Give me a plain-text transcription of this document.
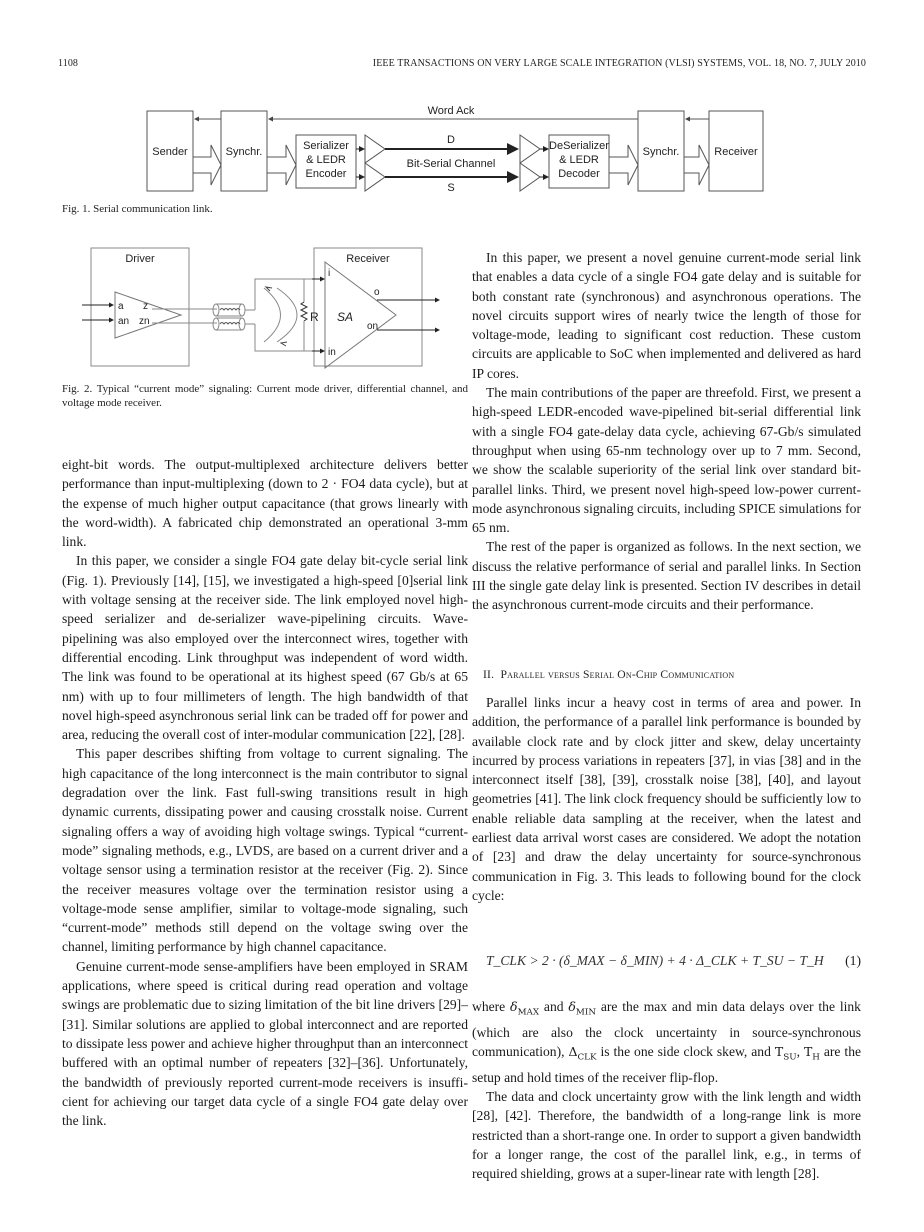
1108	IEEE TRANSACTIONS ON VERY LARGE SCALE INTEGRATION (VLSI) SYSTEMS, VOL. 18, NO. 7, JULY 2010
Sender	Synchr.	Serializer
& LEDR
Encoder
DeSerializer
& LEDR
Decoder
Synchr.	Receiver
Word Ack
D
Bit-Serial Channel
S
Fig. 1. Serial communication link.
Driver	Receiver
a
an
z
zn	R SA
i
in
o
on
Fig. 2. Typical “current mode” signaling: Current mode driver, differential channel, and voltage mode receiver.

eight-bit words. The output-multiplexed architecture delivers better performance than input-multiplexing (down to 2 · FO4 data cycle), but at the expense of much higher output capacitance (that grows linearly with the word-width). A fabricated chip demonstrated an operational 3-mm link.

In this paper, we consider a single FO4 gate delay bit-cycle serial link (Fig. 1). Previously [14], [15], we investigated a high-speed [0]serial link with voltage sensing at the receiver side. The link employed novel high-speed serializer and de-serializer wave-pipelining circuits. Wave-pipelining was also employed over the interconnect wires, together with differential encoding. Link throughput was independent of word width. The link was found to be operational at its highest speed (67 Gb/s at 65 nm) with up to four millimeters of length. The high bandwidth of that novel high-speed asynchronous serial link can be traded off for power and area, reducing the overall cost of inter-modular communication [22], [28].

This paper describes shifting from voltage to current signaling. The high capacitance of the long interconnect is the main contributor to signal degradation over the link. Fast full-swing transitions result in high dynamic currents, dissipating power and causing crosstalk noise. Current signaling offers a way of avoiding high voltage swings. Typical “current-mode” signaling methods, e.g., LVDS, are based on a current driver and a voltage sensor using a termination resistor at the receiver (Fig. 2). Since the receiver measures voltage over the termination resistor using a voltage-mode sense amplifier, similar to voltage-mode signaling, such “current-mode” methods still depend on the voltage swing over the channel, limiting performance by high channel capacitance.

Genuine current-mode sense-amplifiers have been employed in SRAM applications, where speed is critical during read operation and voltage swings are problematic due to sizing limitation of the bit line drivers [29]–[31]. Similar solutions are applied to global interconnect and are reported to dissipate less power and achieve higher throughput than an interconnect buffered with an optimal number of repeaters [32]–[36]. Unfortunately, the bandwidth of previously reported current-mode receivers is insufficient for achieving our target data cycle of a single FO4 gate delay over the link.

In this paper, we present a novel genuine current-mode serial link that enables a data cycle of a single FO4 gate delay and is suitable for both constant rate (synchronous) and asynchronous operations. The novel circuits support wires of nearly twice the length of those for voltage-mode, leading to significant cost reduction. These custom circuits are applicable to SoC when implemented and delivered as hard IP cores.

The main contributions of the paper are threefold. First, we present a high-speed LEDR-encoded wave-pipelined bit-serial differential link with a single FO4 gate-delay data cycle, achieving 67-Gb/s simulated throughput when using 65-nm technology over up to 7 mm. Second, we show the scalable superiority of the serial link over standard bit-parallel links. Third, we present novel high-speed low-power current-mode asynchronous signaling circuits, including SPICE simulations for 65 nm.

The rest of the paper is organized as follows. In the next section, we discuss the relative performance of serial and parallel links. In Section III the single gate delay link is presented. Section IV describes in detail the asynchronous current-mode circuits and their performance.

II. Parallel versus Serial On-Chip Communication

Parallel links incur a heavy cost in terms of area and power. In addition, the performance of a parallel link performance is bounded by available clock rate and by clock jitter and skew, delay uncertainty incurred by process variations in repeaters [37], in vias [38] and in the interconnect itself [38], [39], crosstalk noise [38], [40], and layout geometries [41]. The link clock frequency should be sufficiently low to enable reliable data sampling at the receiver, when the latest and earliest data arrival worst cases are considered. We adopt the notation of [23] and draw the delay uncertainty for source-synchronous communication in Fig. 3. This leads to following bound for the clock cycle:

T_CLK > 2 · (δ_MAX − δ_MIN) + 4 · Δ_CLK + T_SU − T_H (1)

where $\delta_{MAX}$ and $\delta_{MIN}$ are the max and min data delays over the link (which are also the clock uncertainty in source-synchronous communication), $\Delta_{CLK}$ is the one side clock skew, and $T_{SU}$, $T_H$ are the setup and hold times of the receiver flip-flop.

The data and clock uncertainty grow with the link length and width [28], [42]. Therefore, the bandwidth of a long-range link is more restricted than a short-range one. In order to support a given bandwidth for a longer range, the cost of the parallel link, e.g., in terms of required shielding, grows at a super-linear rate with length [28].
